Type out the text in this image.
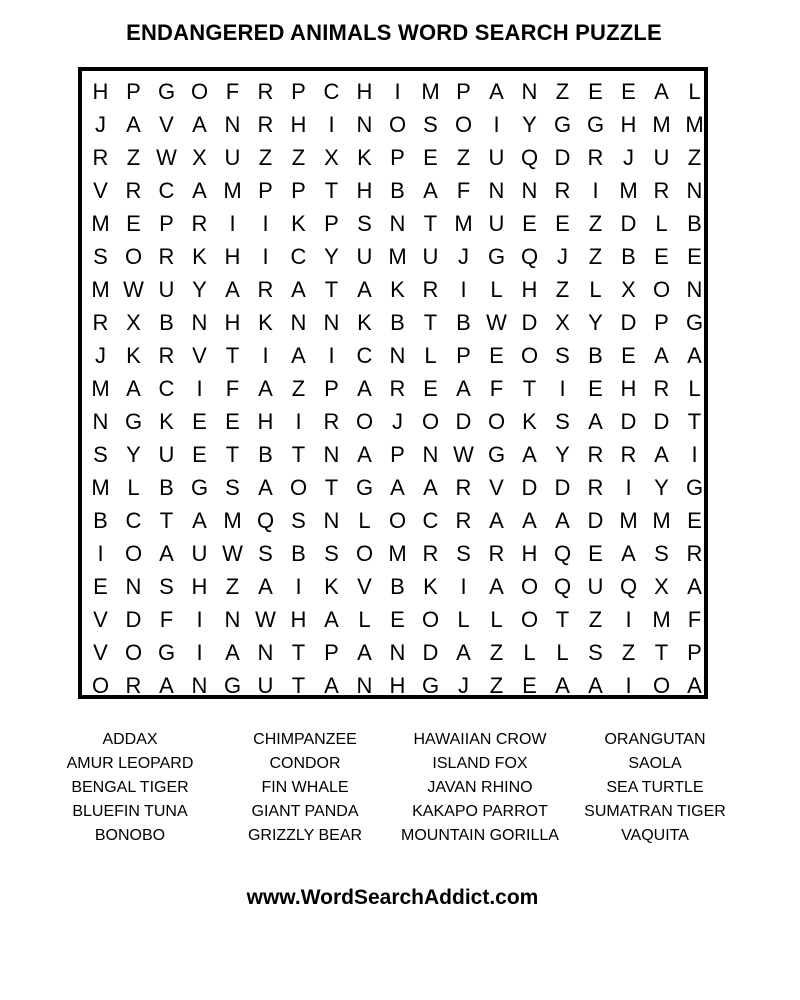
ENDANGERED ANIMALS WORD SEARCH PUZZLE
H P G O F R P C H	I M P A N Z E E A L
J A V A N R H	I N O S O I	Y G G H M M
R Z W X U Z Z X K P E Z U Q D R J U Z
V R C A M P P T H B A F N N R	I M R N
M E P R	I	I	K P S N T M U E E Z D L B
S O R K H	I C Y U M U J G Q J Z B E E
M W U Y A R A T A K R	I	L H Z L X O N
R X B N H K N N K B T B W D X Y D P G
J K R V T	I	A	I C N L P E O S B E A A
M A C	I	F A Z P A R E A F T	I	E H R L
N G K E E H	I R O J O D O K S A D D T
S Y U E T B T N A P N W G A Y R R A	I
M L B G S A O T G A A R V D D R	I	Y G
B C T A M Q S N L O C R A A A D M M E
I O A U W S B S O M R S R H Q E A S R
E N S H Z A	I	K V B K	I	A O Q U Q X A
V D F	I N W H A L E O L L O T Z	I M F
V O G I	A N T P A N D A Z L L S Z T P
O R A N G U T A N H G J Z E A A	I O A
ADDAX
AMUR LEOPARD
BENGAL TIGER
BLUEFIN TUNA
BONOBO
CHIMPANZEE
CONDOR
FIN WHALE
GIANT PANDA
GRIZZLY BEAR
HAWAIIAN CROW
ISLAND FOX
JAVAN RHINO
KAKAPO PARROT
MOUNTAIN GORILLA
ORANGUTAN
SAOLA
SEA TURTLE
SUMATRAN TIGER
VAQUITA
www.WordSearchAddict.com
